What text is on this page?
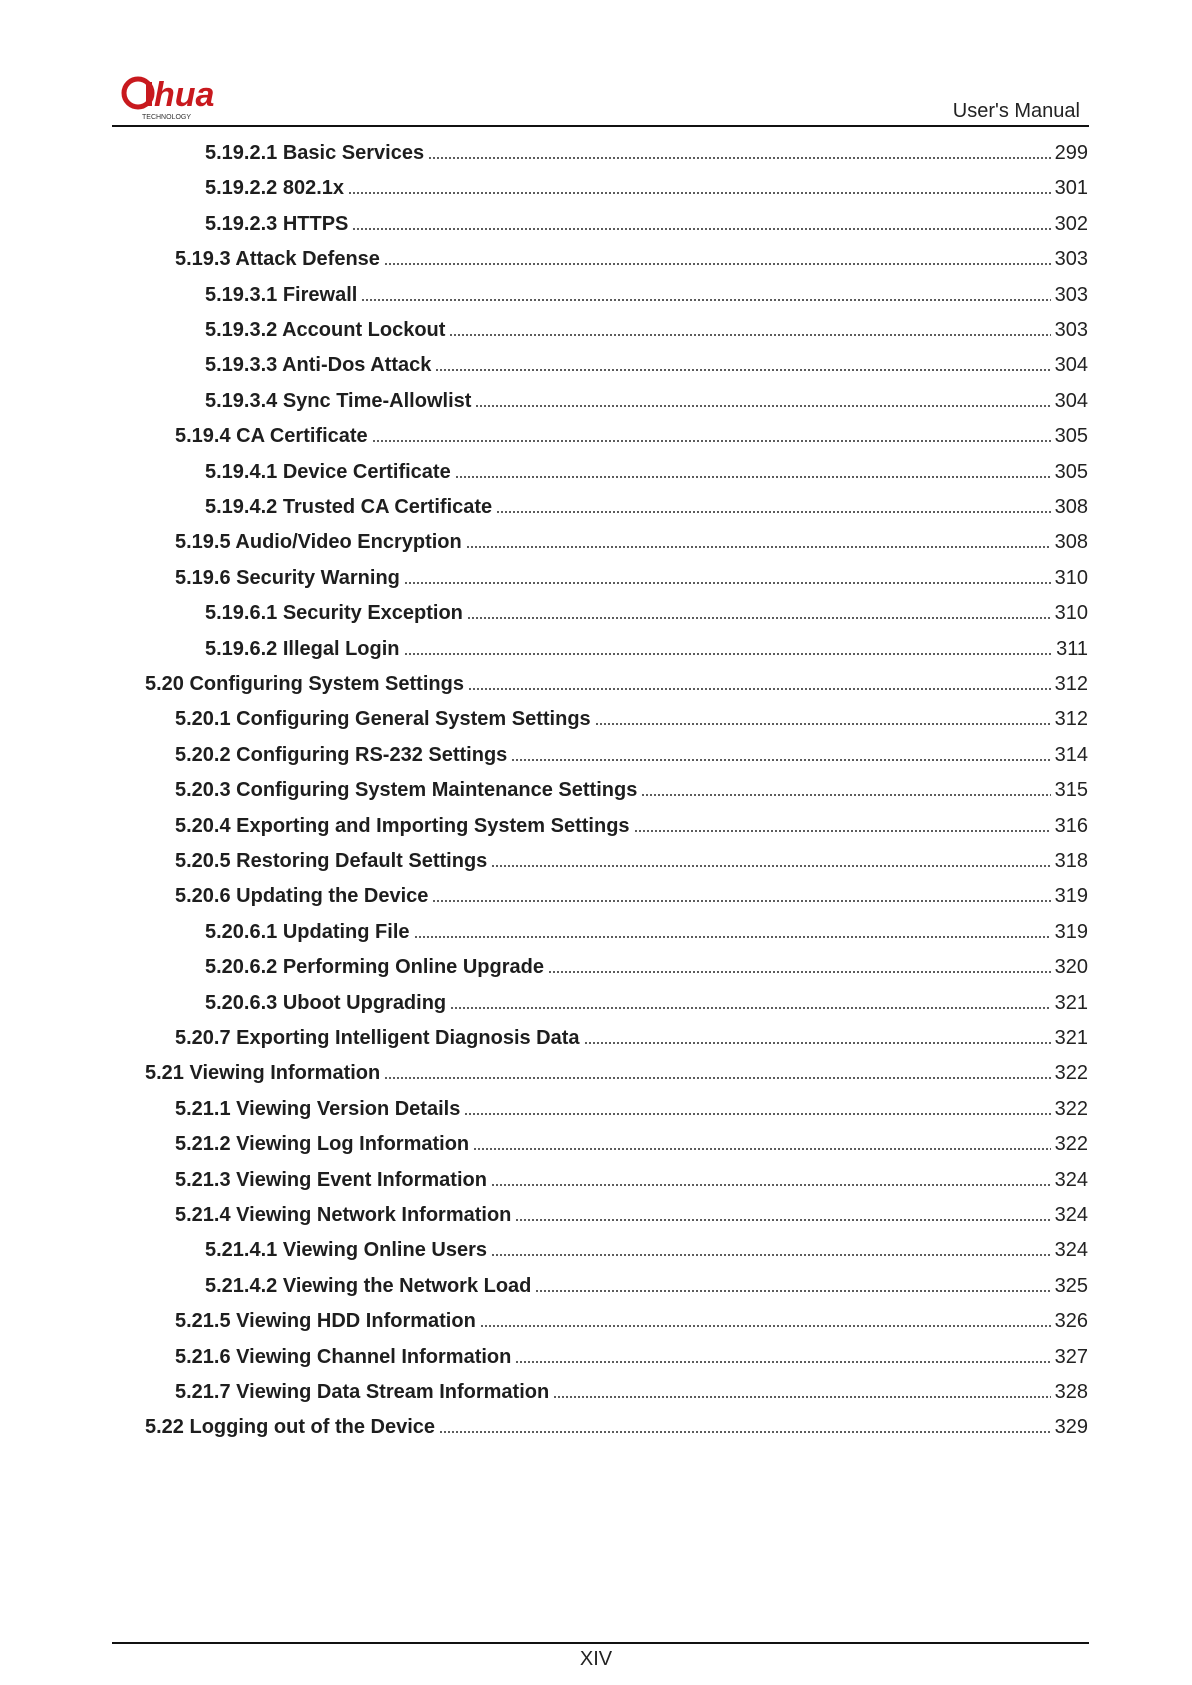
hua
TECHNOLOGY	User's Manual
5.19.2.1 Basic Services	299
5.19.2.2 802.1x	301
5.19.2.3 HTTPS	302
5.19.3 Attack Defense	303
5.19.3.1 Firewall	303
5.19.3.2 Account Lockout	303
5.19.3.3 Anti-Dos Attack	304
5.19.3.4 Sync Time-Allowlist	304
5.19.4 CA Certificate	305
5.19.4.1 Device Certificate	305
5.19.4.2 Trusted CA Certificate	308
5.19.5 Audio/Video Encryption	308
5.19.6 Security Warning	310
5.19.6.1 Security Exception	310
5.19.6.2 Illegal Login	311
5.20 Configuring System Settings	312
5.20.1 Configuring General System Settings	312
5.20.2 Configuring RS-232 Settings	314
5.20.3 Configuring System Maintenance Settings	315
5.20.4 Exporting and Importing System Settings	316
5.20.5 Restoring Default Settings	318
5.20.6 Updating the Device	319
5.20.6.1 Updating File	319
5.20.6.2 Performing Online Upgrade	320
5.20.6.3 Uboot Upgrading	321
5.20.7 Exporting Intelligent Diagnosis Data	321
5.21 Viewing Information	322
5.21.1 Viewing Version Details	322
5.21.2 Viewing Log Information	322
5.21.3 Viewing Event Information	324
5.21.4 Viewing Network Information	324
5.21.4.1 Viewing Online Users	324
5.21.4.2 Viewing the Network Load	325
5.21.5 Viewing HDD Information	326
5.21.6 Viewing Channel Information	327
5.21.7 Viewing Data Stream Information	328
5.22 Logging out of the Device	329
XIV
